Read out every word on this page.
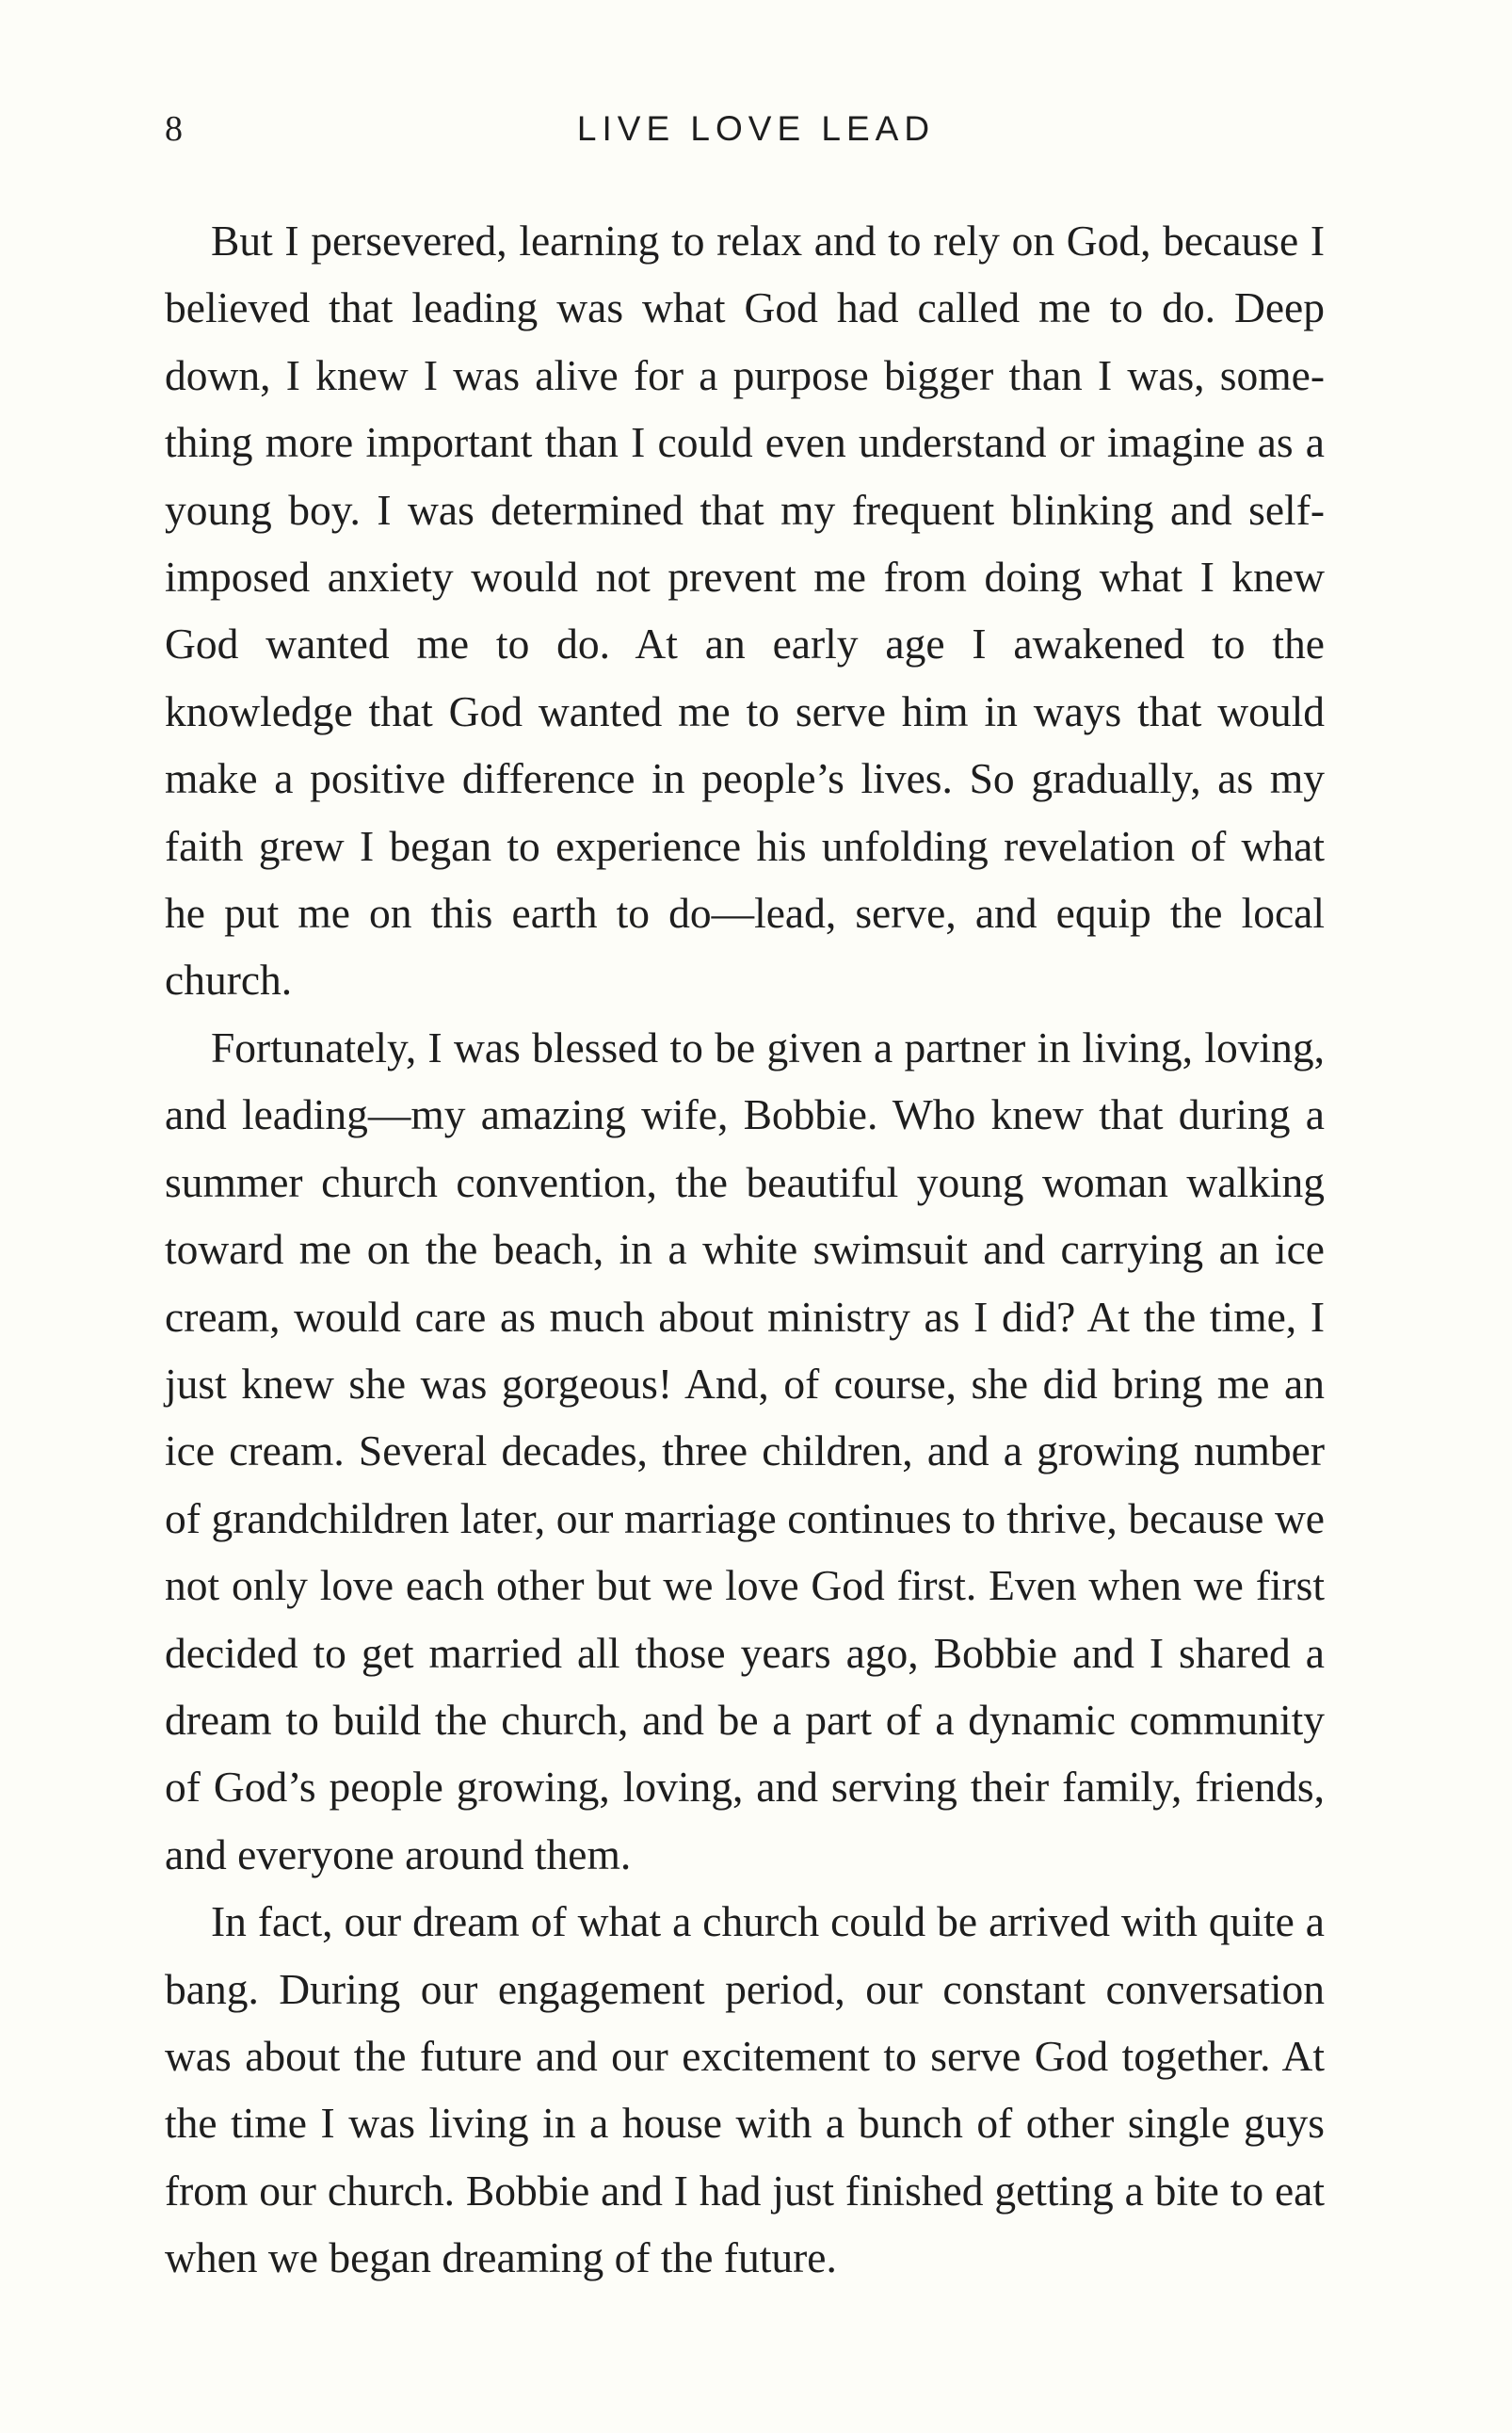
8	LIVE LOVE LEAD

But I persevered, learning to relax and to rely on God, because I believed that leading was what God had called me to do. Deep down, I knew I was alive for a purpose bigger than I was, something more important than I could even understand or imagine as a young boy. I was determined that my frequent blinking and self-imposed anxiety would not prevent me from doing what I knew God wanted me to do. At an early age I awakened to the knowledge that God wanted me to serve him in ways that would make a positive difference in people’s lives. So gradually, as my faith grew I began to experience his unfolding revelation of what he put me on this earth to do—lead, serve, and equip the local church.

Fortunately, I was blessed to be given a partner in living, loving, and leading—my amazing wife, Bobbie. Who knew that during a summer church convention, the beautiful young woman walking toward me on the beach, in a white swimsuit and carrying an ice cream, would care as much about ministry as I did? At the time, I just knew she was gorgeous! And, of course, she did bring me an ice cream. Several decades, three children, and a growing number of grandchildren later, our marriage continues to thrive, because we not only love each other but we love God first. Even when we first decided to get married all those years ago, Bobbie and I shared a dream to build the church, and be a part of a dynamic community of God’s people growing, loving, and serving their family, friends, and everyone around them.

In fact, our dream of what a church could be arrived with quite a bang. During our engagement period, our constant conversation was about the future and our excitement to serve God together. At the time I was living in a house with a bunch of other single guys from our church. Bobbie and I had just finished getting a bite to eat when we began dreaming of the future.
